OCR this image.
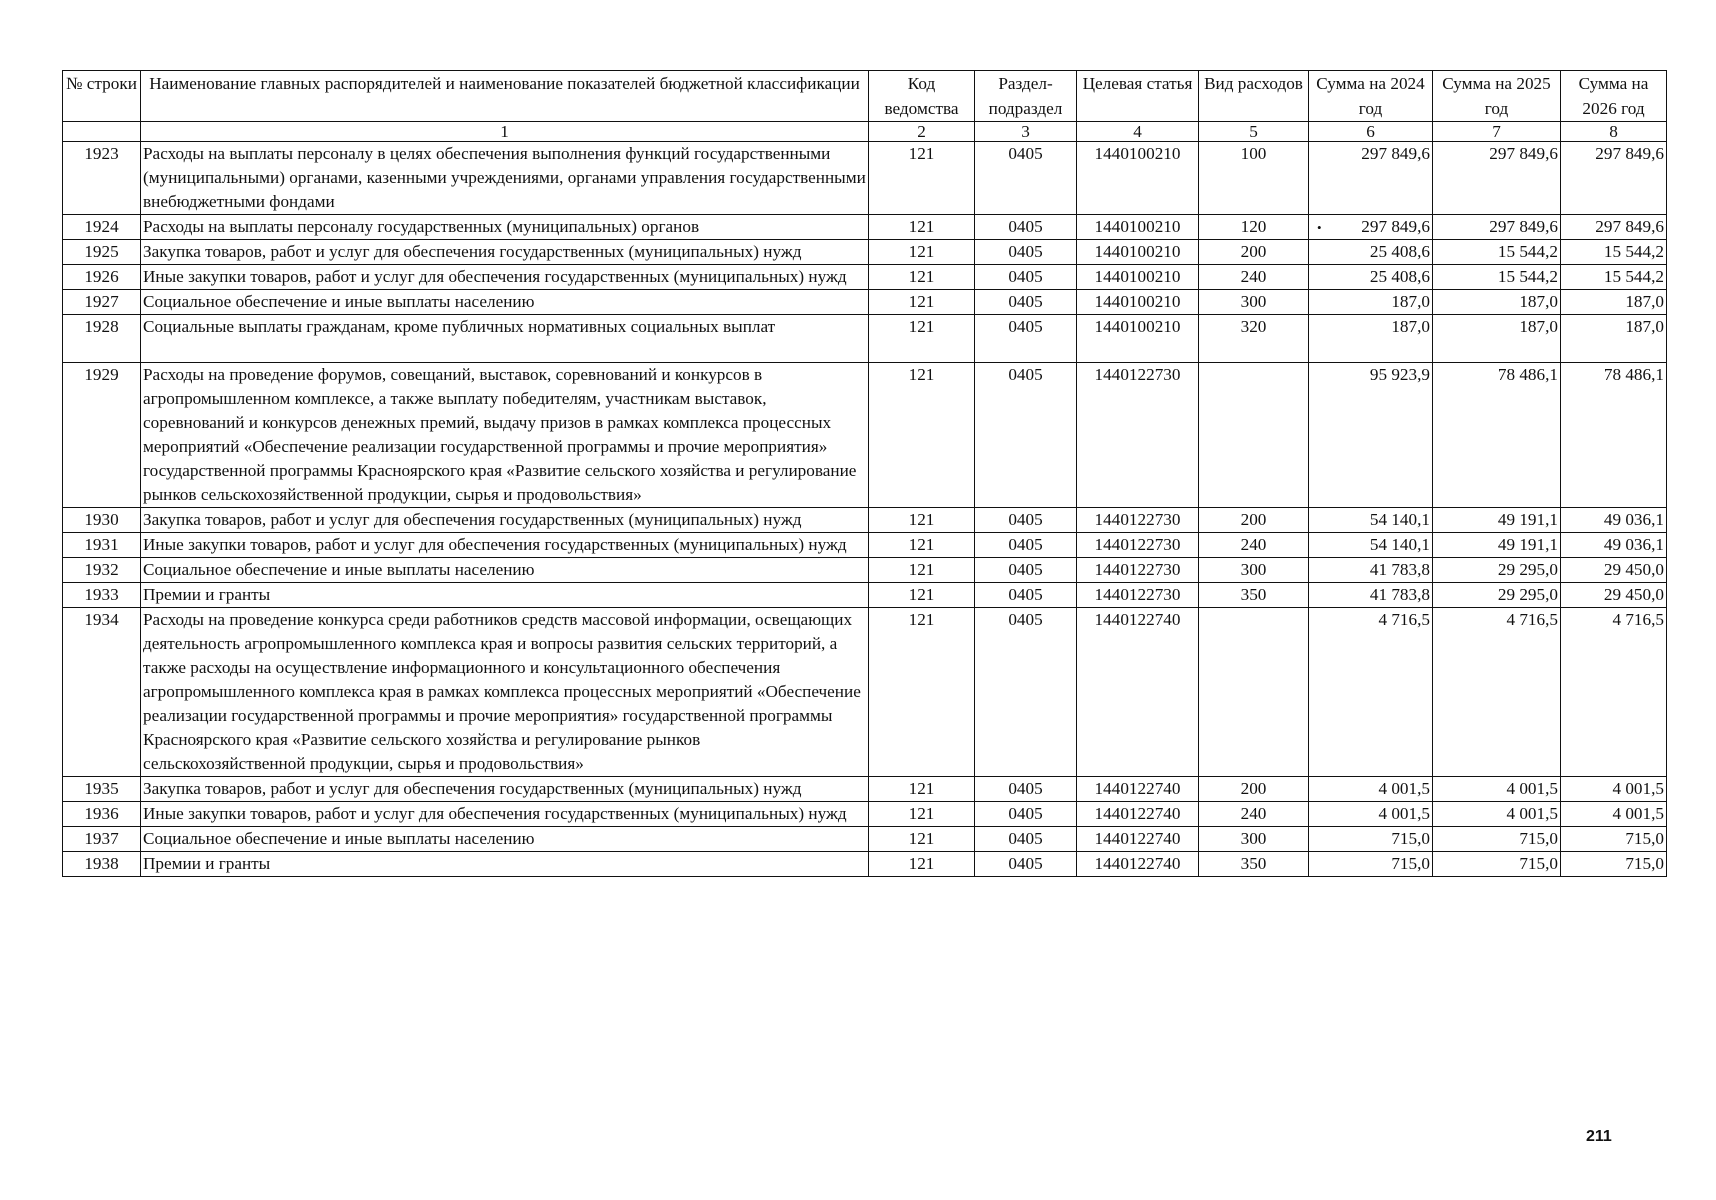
№ строки	Наименование главных распорядителей и наименование показателей бюджетной классификации	Код ведомства	Раздел-подраздел	Целевая статья	Вид расходов	Сумма на 2024 год	Сумма на 2025 год	Сумма на 2026 год
	1	2	3	4	5	6	7	8
1923	Расходы на выплаты персоналу в целях обеспечения выполнения функций государственными (муниципальными) органами, казенными учреждениями, органами управления государственными внебюджетными фондами	121	0405	1440100210	100	297 849,6	297 849,6	297 849,6
1924	Расходы на выплаты персоналу государственных (муниципальных) органов	121	0405	1440100210	120	• 297 849,6	297 849,6	297 849,6
1925	Закупка товаров, работ и услуг для обеспечения государственных (муниципальных) нужд	121	0405	1440100210	200	25 408,6	15 544,2	15 544,2
1926	Иные закупки товаров, работ и услуг для обеспечения государственных (муниципальных) нужд	121	0405	1440100210	240	25 408,6	15 544,2	15 544,2
1927	Социальное обеспечение и иные выплаты населению	121	0405	1440100210	300	187,0	187,0	187,0
1928	Социальные выплаты гражданам, кроме публичных нормативных социальных выплат	121	0405	1440100210	320	187,0	187,0	187,0
1929	Расходы на проведение форумов, совещаний, выставок, соревнований и конкурсов в агропромышленном комплексе, а также выплату победителям, участникам выставок, соревнований и конкурсов денежных премий, выдачу призов в рамках комплекса процессных мероприятий «Обеспечение реализации государственной программы и прочие мероприятия» государственной программы Красноярского края «Развитие сельского хозяйства и регулирование рынков сельскохозяйственной продукции, сырья и продовольствия»	121	0405	1440122730		95 923,9	78 486,1	78 486,1
1930	Закупка товаров, работ и услуг для обеспечения государственных (муниципальных) нужд	121	0405	1440122730	200	54 140,1	49 191,1	49 036,1
1931	Иные закупки товаров, работ и услуг для обеспечения государственных (муниципальных) нужд	121	0405	1440122730	240	54 140,1	49 191,1	49 036,1
1932	Социальное обеспечение и иные выплаты населению	121	0405	1440122730	300	41 783,8	29 295,0	29 450,0
1933	Премии и гранты	121	0405	1440122730	350	41 783,8	29 295,0	29 450,0
1934	Расходы на проведение конкурса среди работников средств массовой информации, освещающих деятельность агропромышленного комплекса края и вопросы развития сельских территорий, а также расходы на осуществление информационного и консультационного обеспечения агропромышленного комплекса края в рамках комплекса процессных мероприятий «Обеспечение реализации государственной программы и прочие мероприятия» государственной программы Красноярского края «Развитие сельского хозяйства и регулирование рынков сельскохозяйственной продукции, сырья и продовольствия»	121	0405	1440122740		4 716,5	4 716,5	4 716,5
1935	Закупка товаров, работ и услуг для обеспечения государственных (муниципальных) нужд	121	0405	1440122740	200	4 001,5	4 001,5	4 001,5
1936	Иные закупки товаров, работ и услуг для обеспечения государственных (муниципальных) нужд	121	0405	1440122740	240	4 001,5	4 001,5	4 001,5
1937	Социальное обеспечение и иные выплаты населению	121	0405	1440122740	300	715,0	715,0	715,0
1938	Премии и гранты	121	0405	1440122740	350	715,0	715,0	715,0
211
